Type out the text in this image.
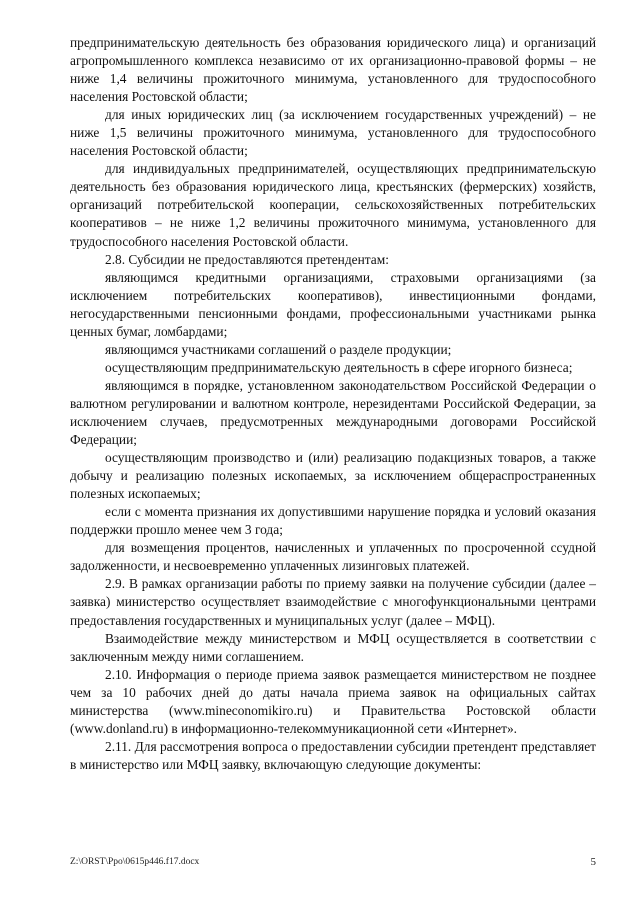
предпринимательскую деятельность без образования юридического лица) и организаций агропромышленного комплекса независимо от их организационно-правовой формы – не ниже 1,4 величины прожиточного минимума, установленного для трудоспособного населения Ростовской области;

для иных юридических лиц (за исключением государственных учреждений) – не ниже 1,5 величины прожиточного минимума, установленного для трудоспособного населения Ростовской области;

для индивидуальных предпринимателей, осуществляющих предпринимательскую деятельность без образования юридического лица, крестьянских (фермерских) хозяйств, организаций потребительской кооперации, сельскохозяйственных потребительских кооперативов – не ниже 1,2 величины прожиточного минимума, установленного для трудоспособного населения Ростовской области.

2.8. Субсидии не предоставляются претендентам:

являющимся кредитными организациями, страховыми организациями (за исключением потребительских кооперативов), инвестиционными фондами, негосударственными пенсионными фондами, профессиональными участниками рынка ценных бумаг, ломбардами;

являющимся участниками соглашений о разделе продукции;

осуществляющим предпринимательскую деятельность в сфере игорного бизнеса;

являющимся в порядке, установленном законодательством Российской Федерации о валютном регулировании и валютном контроле, нерезидентами Российской Федерации, за исключением случаев, предусмотренных международными договорами Российской Федерации;

осуществляющим производство и (или) реализацию подакцизных товаров, а также добычу и реализацию полезных ископаемых, за исключением общераспространенных полезных ископаемых;

если с момента признания их допустившими нарушение порядка и условий оказания поддержки прошло менее чем 3 года;

для возмещения процентов, начисленных и уплаченных по просроченной ссудной задолженности, и несвоевременно уплаченных лизинговых платежей.

2.9. В рамках организации работы по приему заявки на получение субсидии (далее – заявка) министерство осуществляет взаимодействие с многофункциональными центрами предоставления государственных и муниципальных услуг (далее – МФЦ).

Взаимодействие между министерством и МФЦ осуществляется в соответствии с заключенным между ними соглашением.

2.10. Информация о периоде приема заявок размещается министерством не позднее чем за 10 рабочих дней до даты начала приема заявок на официальных сайтах министерства (www.mineconomikiro.ru) и Правительства Ростовской области (www.donland.ru) в информационно-телекоммуникационной сети «Интернет».

2.11. Для рассмотрения вопроса о предоставлении субсидии претендент представляет в министерство или МФЦ заявку, включающую следующие документы:

Z:\ORST\Ppo\0615p446.f17.docx	5
